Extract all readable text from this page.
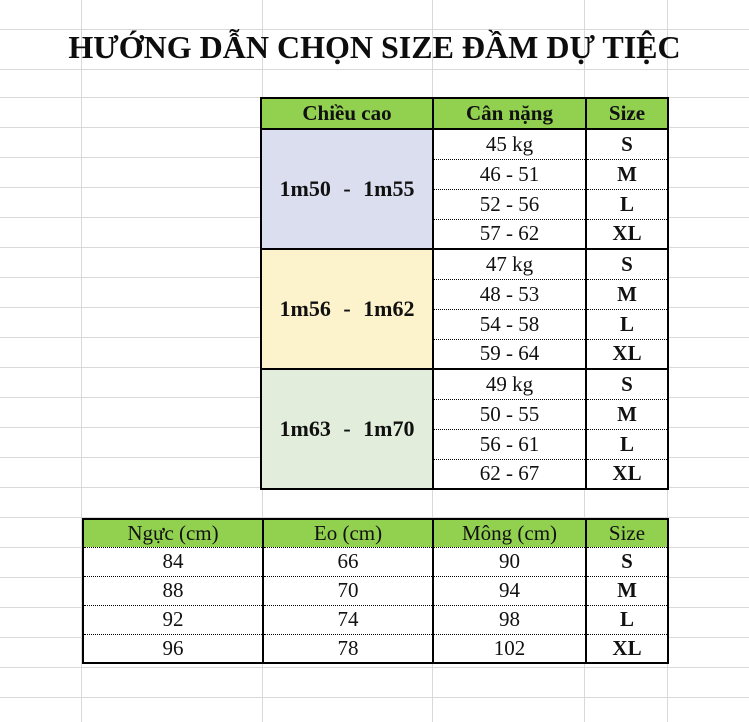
HƯỚNG DẪN CHỌN SIZE ĐẦM DỰ TIỆC
Chiều cao	Cân nặng	Size
1m50 - 1m55	45 kg	S
	46 - 51	M
	52 - 56	L
	57 - 62	XL
1m56 - 1m62	47 kg	S
	48 - 53	M
	54 - 58	L
	59 - 64	XL
1m63 - 1m70	49 kg	S
	50 - 55	M
	56 - 61	L
	62 - 67	XL
Ngực (cm)	Eo (cm)	Mông (cm)	Size
84	66	90	S
88	70	94	M
92	74	98	L
96	78	102	XL
